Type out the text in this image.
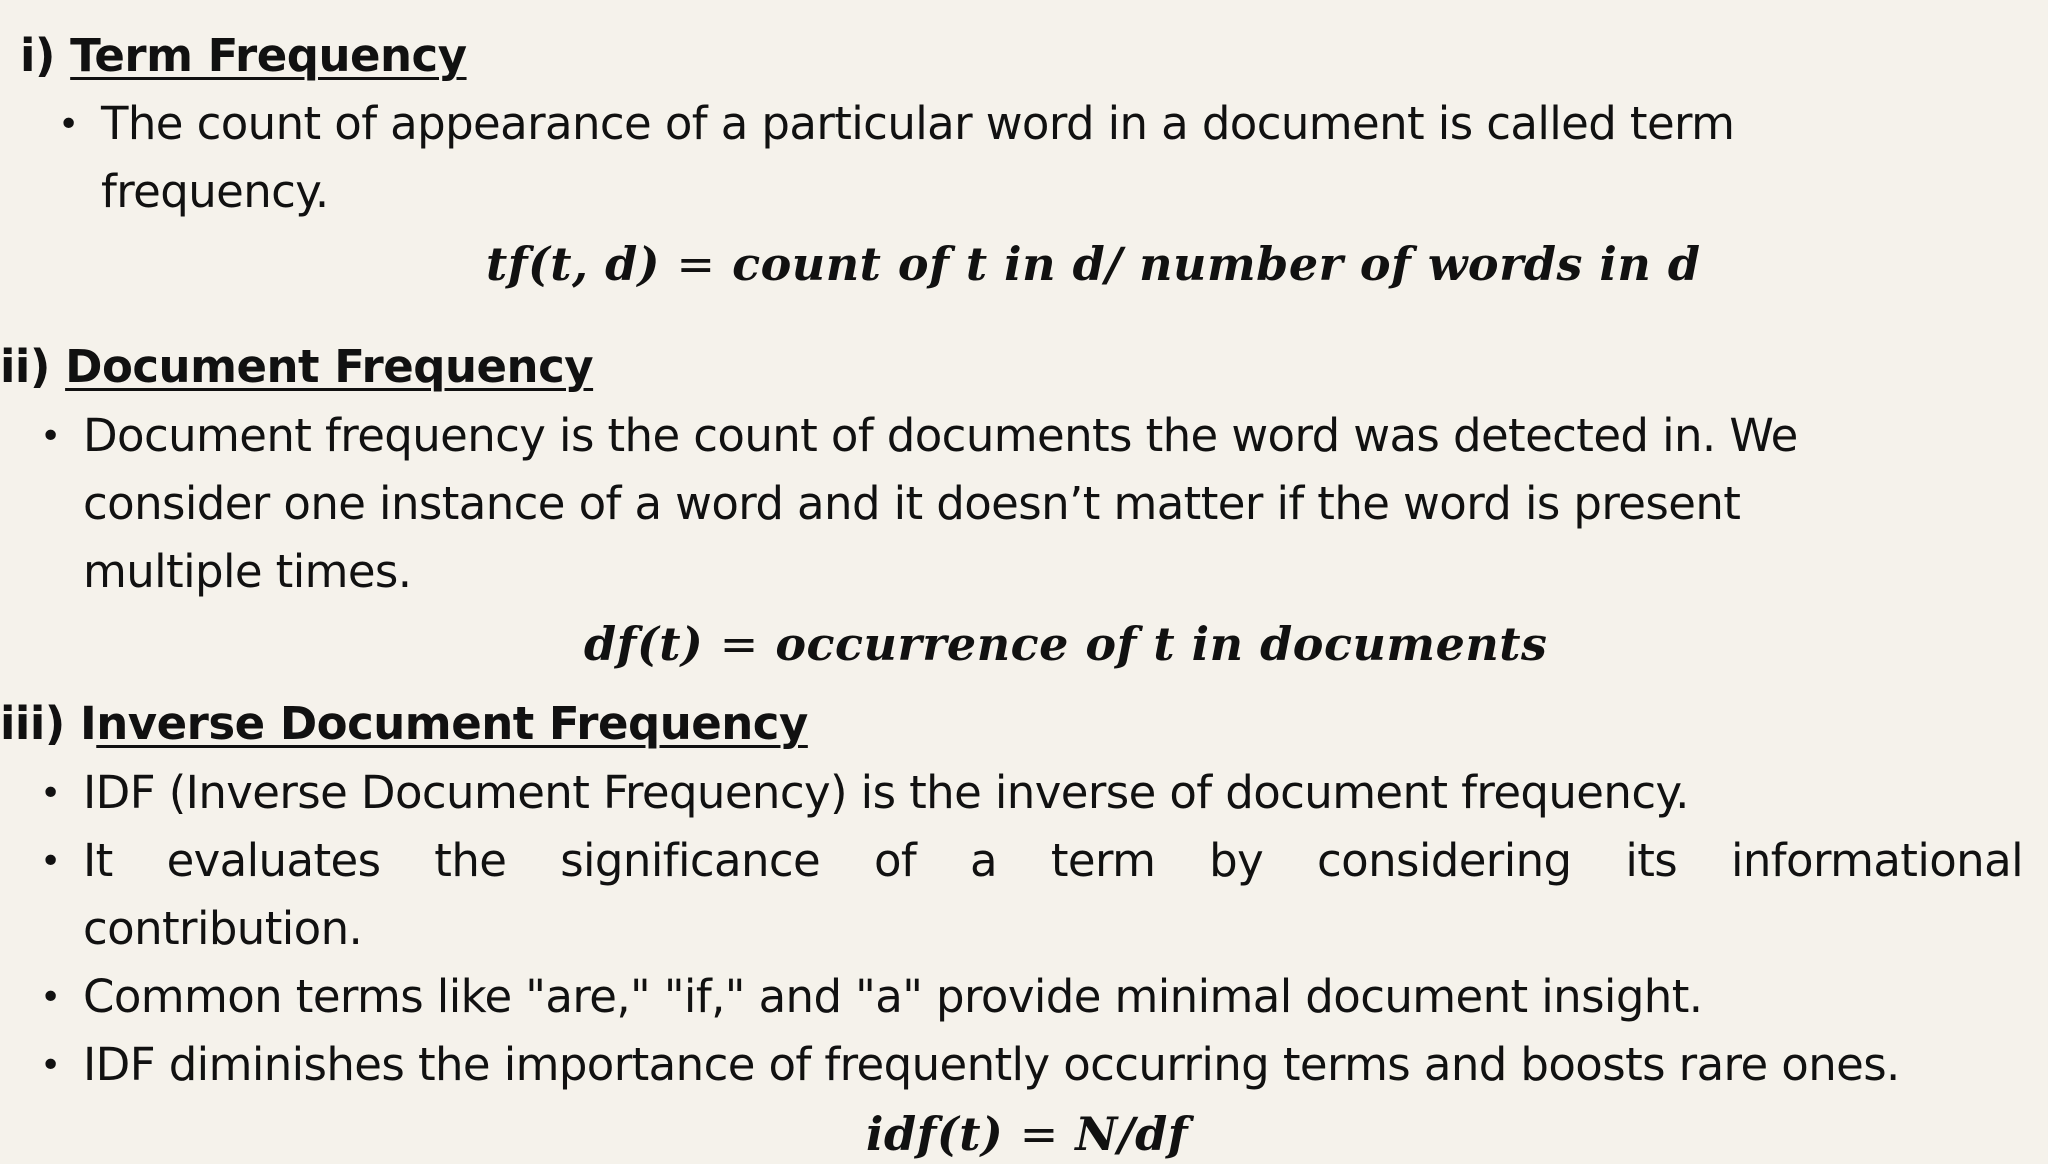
i) Term Frequency
• The count of appearance of a particular word in a document is called term
frequency.
tf(t, d) = count of t in d/ number of words in d
ii) Document Frequency
• Document frequency is the count of documents the word was detected in. We
consider one instance of a word and it doesn’t matter if the word is present
multiple times.
df(t) = occurrence of t in documents
iii) Inverse Document Frequency
• IDF (Inverse Document Frequency) is the inverse of document frequency.
• It evaluates the significance of a term by considering its informational
contribution.
• Common terms like "are," "if," and "a" provide minimal document insight.
• IDF diminishes the importance of frequently occurring terms and boosts rare ones.
idf(t) = N/df
